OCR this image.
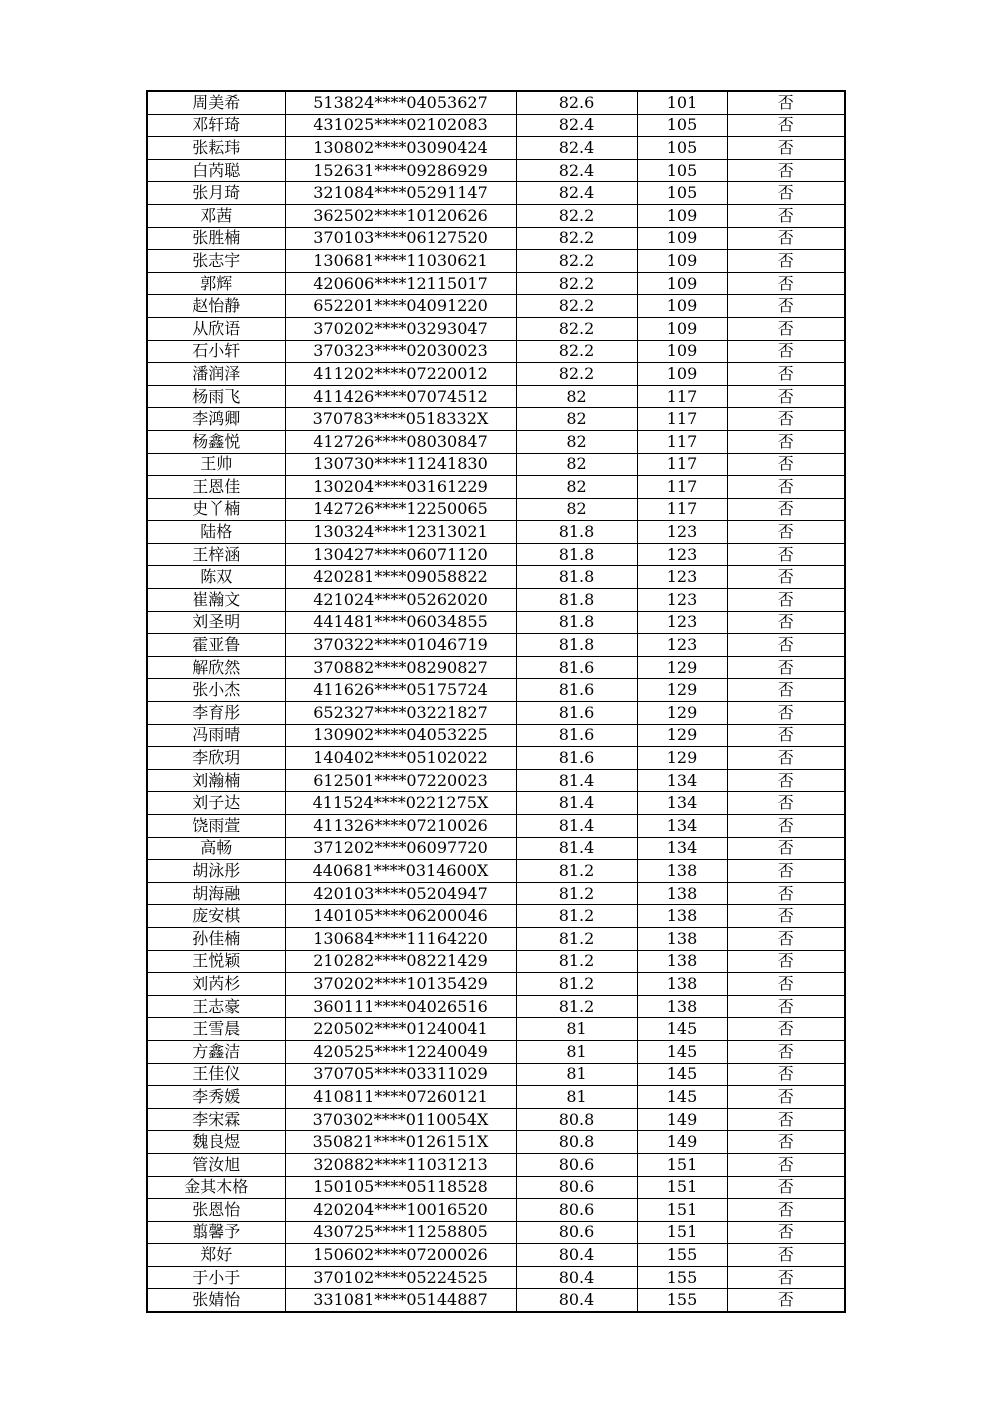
周美希	513824****04053627	82.6	101	否
邓轩琦	431025****02102083	82.4	105	否
张耘玮	130802****03090424	82.4	105	否
白芮聪	152631****09286929	82.4	105	否
张月琦	321084****05291147	82.4	105	否
邓茜	362502****10120626	82.2	109	否
张胜楠	370103****06127520	82.2	109	否
张志宇	130681****11030621	82.2	109	否
郭辉	420606****12115017	82.2	109	否
赵怡静	652201****04091220	82.2	109	否
从欣语	370202****03293047	82.2	109	否
石小轩	370323****02030023	82.2	109	否
潘润泽	411202****07220012	82.2	109	否
杨雨飞	411426****07074512	82	117	否
李鸿卿	370783****0518332X	82	117	否
杨鑫悦	412726****08030847	82	117	否
王帅	130730****11241830	82	117	否
王恩佳	130204****03161229	82	117	否
史丫楠	142726****12250065	82	117	否
陆格	130324****12313021	81.8	123	否
王梓涵	130427****06071120	81.8	123	否
陈双	420281****09058822	81.8	123	否
崔瀚文	421024****05262020	81.8	123	否
刘圣明	441481****06034855	81.8	123	否
霍亚鲁	370322****01046719	81.8	123	否
解欣然	370882****08290827	81.6	129	否
张小杰	411626****05175724	81.6	129	否
李育彤	652327****03221827	81.6	129	否
冯雨晴	130902****04053225	81.6	129	否
李欣玥	140402****05102022	81.6	129	否
刘瀚楠	612501****07220023	81.4	134	否
刘子达	411524****0221275X	81.4	134	否
饶雨萱	411326****07210026	81.4	134	否
高畅	371202****06097720	81.4	134	否
胡泳彤	440681****0314600X	81.2	138	否
胡海融	420103****05204947	81.2	138	否
庞安棋	140105****06200046	81.2	138	否
孙佳楠	130684****11164220	81.2	138	否
王悦颖	210282****08221429	81.2	138	否
刘芮杉	370202****10135429	81.2	138	否
王志豪	360111****04026516	81.2	138	否
王雪晨	220502****01240041	81	145	否
方鑫洁	420525****12240049	81	145	否
王佳仪	370705****03311029	81	145	否
李秀媛	410811****07260121	81	145	否
李宋霖	370302****0110054X	80.8	149	否
魏良煜	350821****0126151X	80.8	149	否
管汝旭	320882****11031213	80.6	151	否
金其木格	150105****05118528	80.6	151	否
张恩怡	420204****10016520	80.6	151	否
翦馨予	430725****11258805	80.6	151	否
郑好	150602****07200026	80.4	155	否
于小于	370102****05224525	80.4	155	否
张婧怡	331081****05144887	80.4	155	否
